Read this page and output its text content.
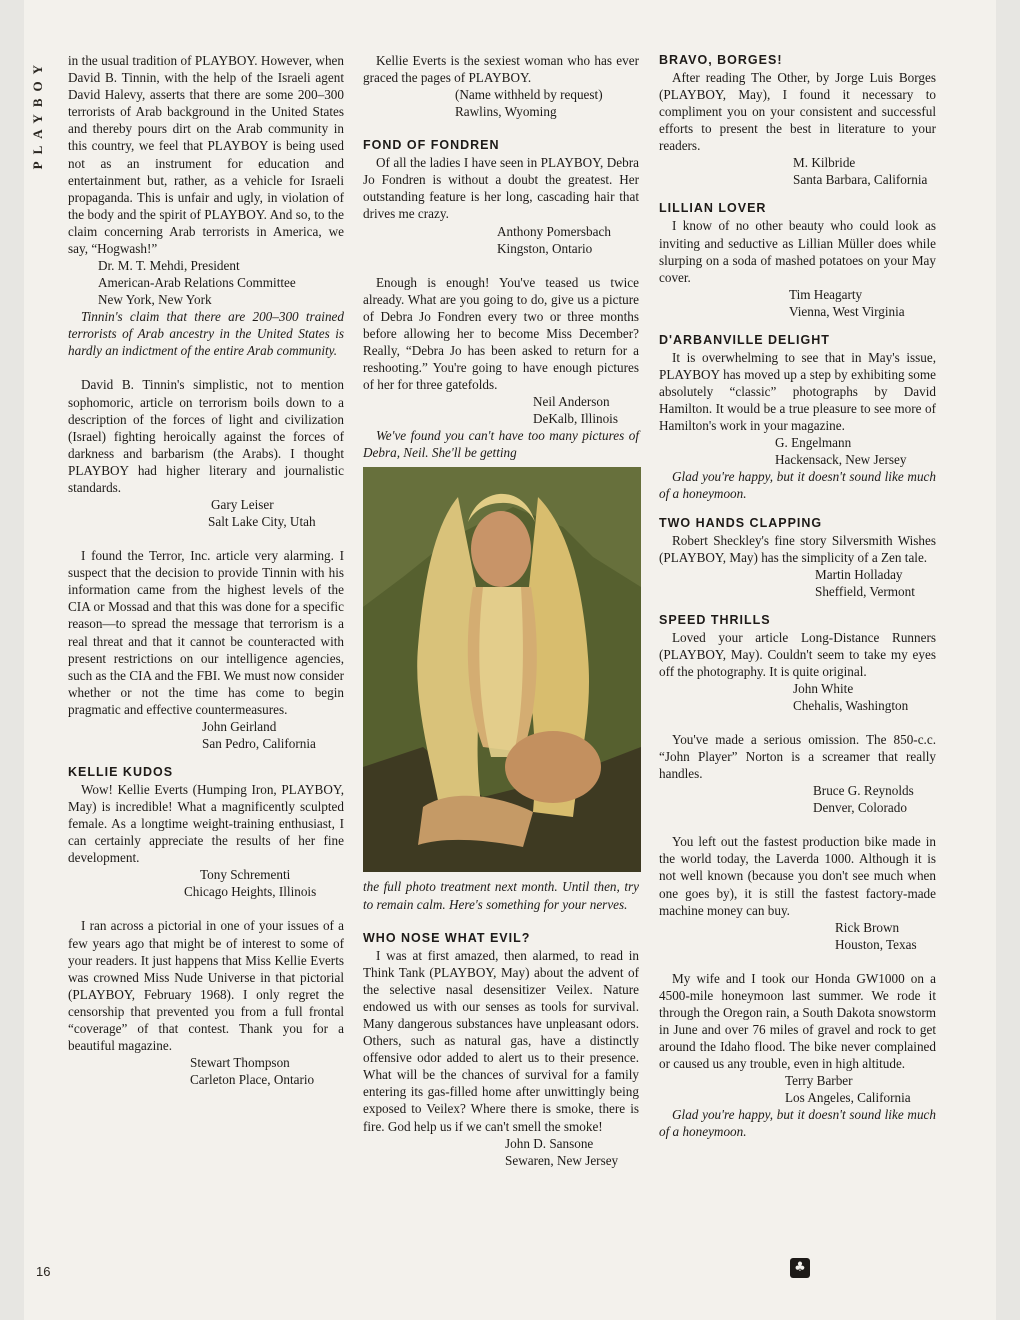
PLAYBOY
16

in the usual tradition of PLAYBOY. However, when David B. Tinnin, with the help of the Israeli agent David Halevy, asserts that there are some 200–300 terrorists of Arab background in the United States and thereby pours dirt on the Arab community in this country, we feel that PLAYBOY is being used not as an instrument for education and entertainment but, rather, as a vehicle for Israeli propaganda. This is unfair and ugly, in violation of the body and the spirit of PLAYBOY. And so, to the claim concerning Arab terrorists in America, we say, “Hogwash!”

Dr. M. T. Mehdi, President
American-Arab Relations Committee
New York, New York

Tinnin's claim that there are 200–300 trained terrorists of Arab ancestry in the United States is hardly an indictment of the entire Arab community.

David B. Tinnin's simplistic, not to mention sophomoric, article on terrorism boils down to a description of the forces of light and civilization (Israel) fighting heroically against the forces of darkness and barbarism (the Arabs). I thought PLAYBOY had higher literary and journalistic standards.

Gary Leiser
Salt Lake City, Utah

I found the Terror, Inc. article very alarming. I suspect that the decision to provide Tinnin with his information came from the highest levels of the CIA or Mossad and that this was done for a specific reason—to spread the message that terrorism is a real threat and that it cannot be counteracted with present restrictions on our intelligence agencies, such as the CIA and the FBI. We must now consider whether or not the time has come to begin pragmatic and effective countermeasures.

John Geirland
San Pedro, California
KELLIE KUDOS

Wow! Kellie Everts (Humping Iron, PLAYBOY, May) is incredible! What a magnificently sculpted female. As a longtime weight-training enthusiast, I can certainly appreciate the results of her fine development.

Tony Schrementi
Chicago Heights, Illinois

I ran across a pictorial in one of your issues of a few years ago that might be of interest to some of your readers. It just happens that Miss Kellie Everts was crowned Miss Nude Universe in that pictorial (PLAYBOY, February 1968). I only regret the censorship that prevented you from a full frontal “coverage” of that contest. Thank you for a beautiful magazine.

Stewart Thompson
Carleton Place, Ontario

Kellie Everts is the sexiest woman who has ever graced the pages of PLAYBOY.

(Name withheld by request)
Rawlins, Wyoming
FOND OF FONDREN

Of all the ladies I have seen in PLAYBOY, Debra Jo Fondren is without a doubt the greatest. Her outstanding feature is her long, cascading hair that drives me crazy.

Anthony Pomersbach
Kingston, Ontario

Enough is enough! You've teased us twice already. What are you going to do, give us a picture of Debra Jo Fondren every two or three months before allowing her to become Miss December? Really, “Debra Jo has been asked to return for a reshooting.” You're going to have enough pictures of her for three gatefolds.

Neil Anderson
DeKalb, Illinois

We've found you can't have too many pictures of Debra, Neil. She'll be getting

the full photo treatment next month. Until then, try to remain calm. Here's something for your nerves.

WHO NOSE WHAT EVIL?

I was at first amazed, then alarmed, to read in Think Tank (PLAYBOY, May) about the advent of the selective nasal desensitizer Veilex. Nature endowed us with our senses as tools for survival. Many dangerous substances have unpleasant odors. Others, such as natural gas, have a distinctly offensive odor added to alert us to their presence. What will be the chances of survival for a family entering its gas-filled home after unwittingly being exposed to Veilex? Where there is smoke, there is fire. God help us if we can't smell the smoke!

John D. Sansone
Sewaren, New Jersey
BRAVO, BORGES!

After reading The Other, by Jorge Luis Borges (PLAYBOY, May), I found it necessary to compliment you on your consistent and successful efforts to present the best in literature to your readers.

M. Kilbride
Santa Barbara, California
LILLIAN LOVER

I know of no other beauty who could look as inviting and seductive as Lillian Müller does while slurping on a soda of mashed potatoes on your May cover.

Tim Heagarty
Vienna, West Virginia
D'ARBANVILLE DELIGHT

It is overwhelming to see that in May's issue, PLAYBOY has moved up a step by exhibiting some absolutely “classic” photographs by David Hamilton. It would be a true pleasure to see more of Hamilton's work in your magazine.

G. Engelmann
Hackensack, New Jersey

Glad you're happy, but it doesn't sound like much of a honeymoon.

TWO HANDS CLAPPING

Robert Sheckley's fine story Silversmith Wishes (PLAYBOY, May) has the simplicity of a Zen tale.

Martin Holladay
Sheffield, Vermont
SPEED THRILLS

Loved your article Long-Distance Runners (PLAYBOY, May). Couldn't seem to take my eyes off the photography. It is quite original.

John White
Chehalis, Washington

You've made a serious omission. The 850-c.c. “John Player” Norton is a screamer that really handles.

Bruce G. Reynolds
Denver, Colorado

You left out the fastest production bike made in the world today, the Laverda 1000. Although it is not well known (because you don't see much when one goes by), it is still the fastest factory-made machine money can buy.

Rick Brown
Houston, Texas

My wife and I took our Honda GW1000 on a 4500-mile honeymoon last summer. We rode it through the Oregon rain, a South Dakota snowstorm in June and over 76 miles of gravel and rock to get around the Idaho flood. The bike never complained or caused us any trouble, even in high altitude.

Terry Barber
Los Angeles, California

Glad you're happy, but it doesn't sound like much of a honeymoon.

♣
